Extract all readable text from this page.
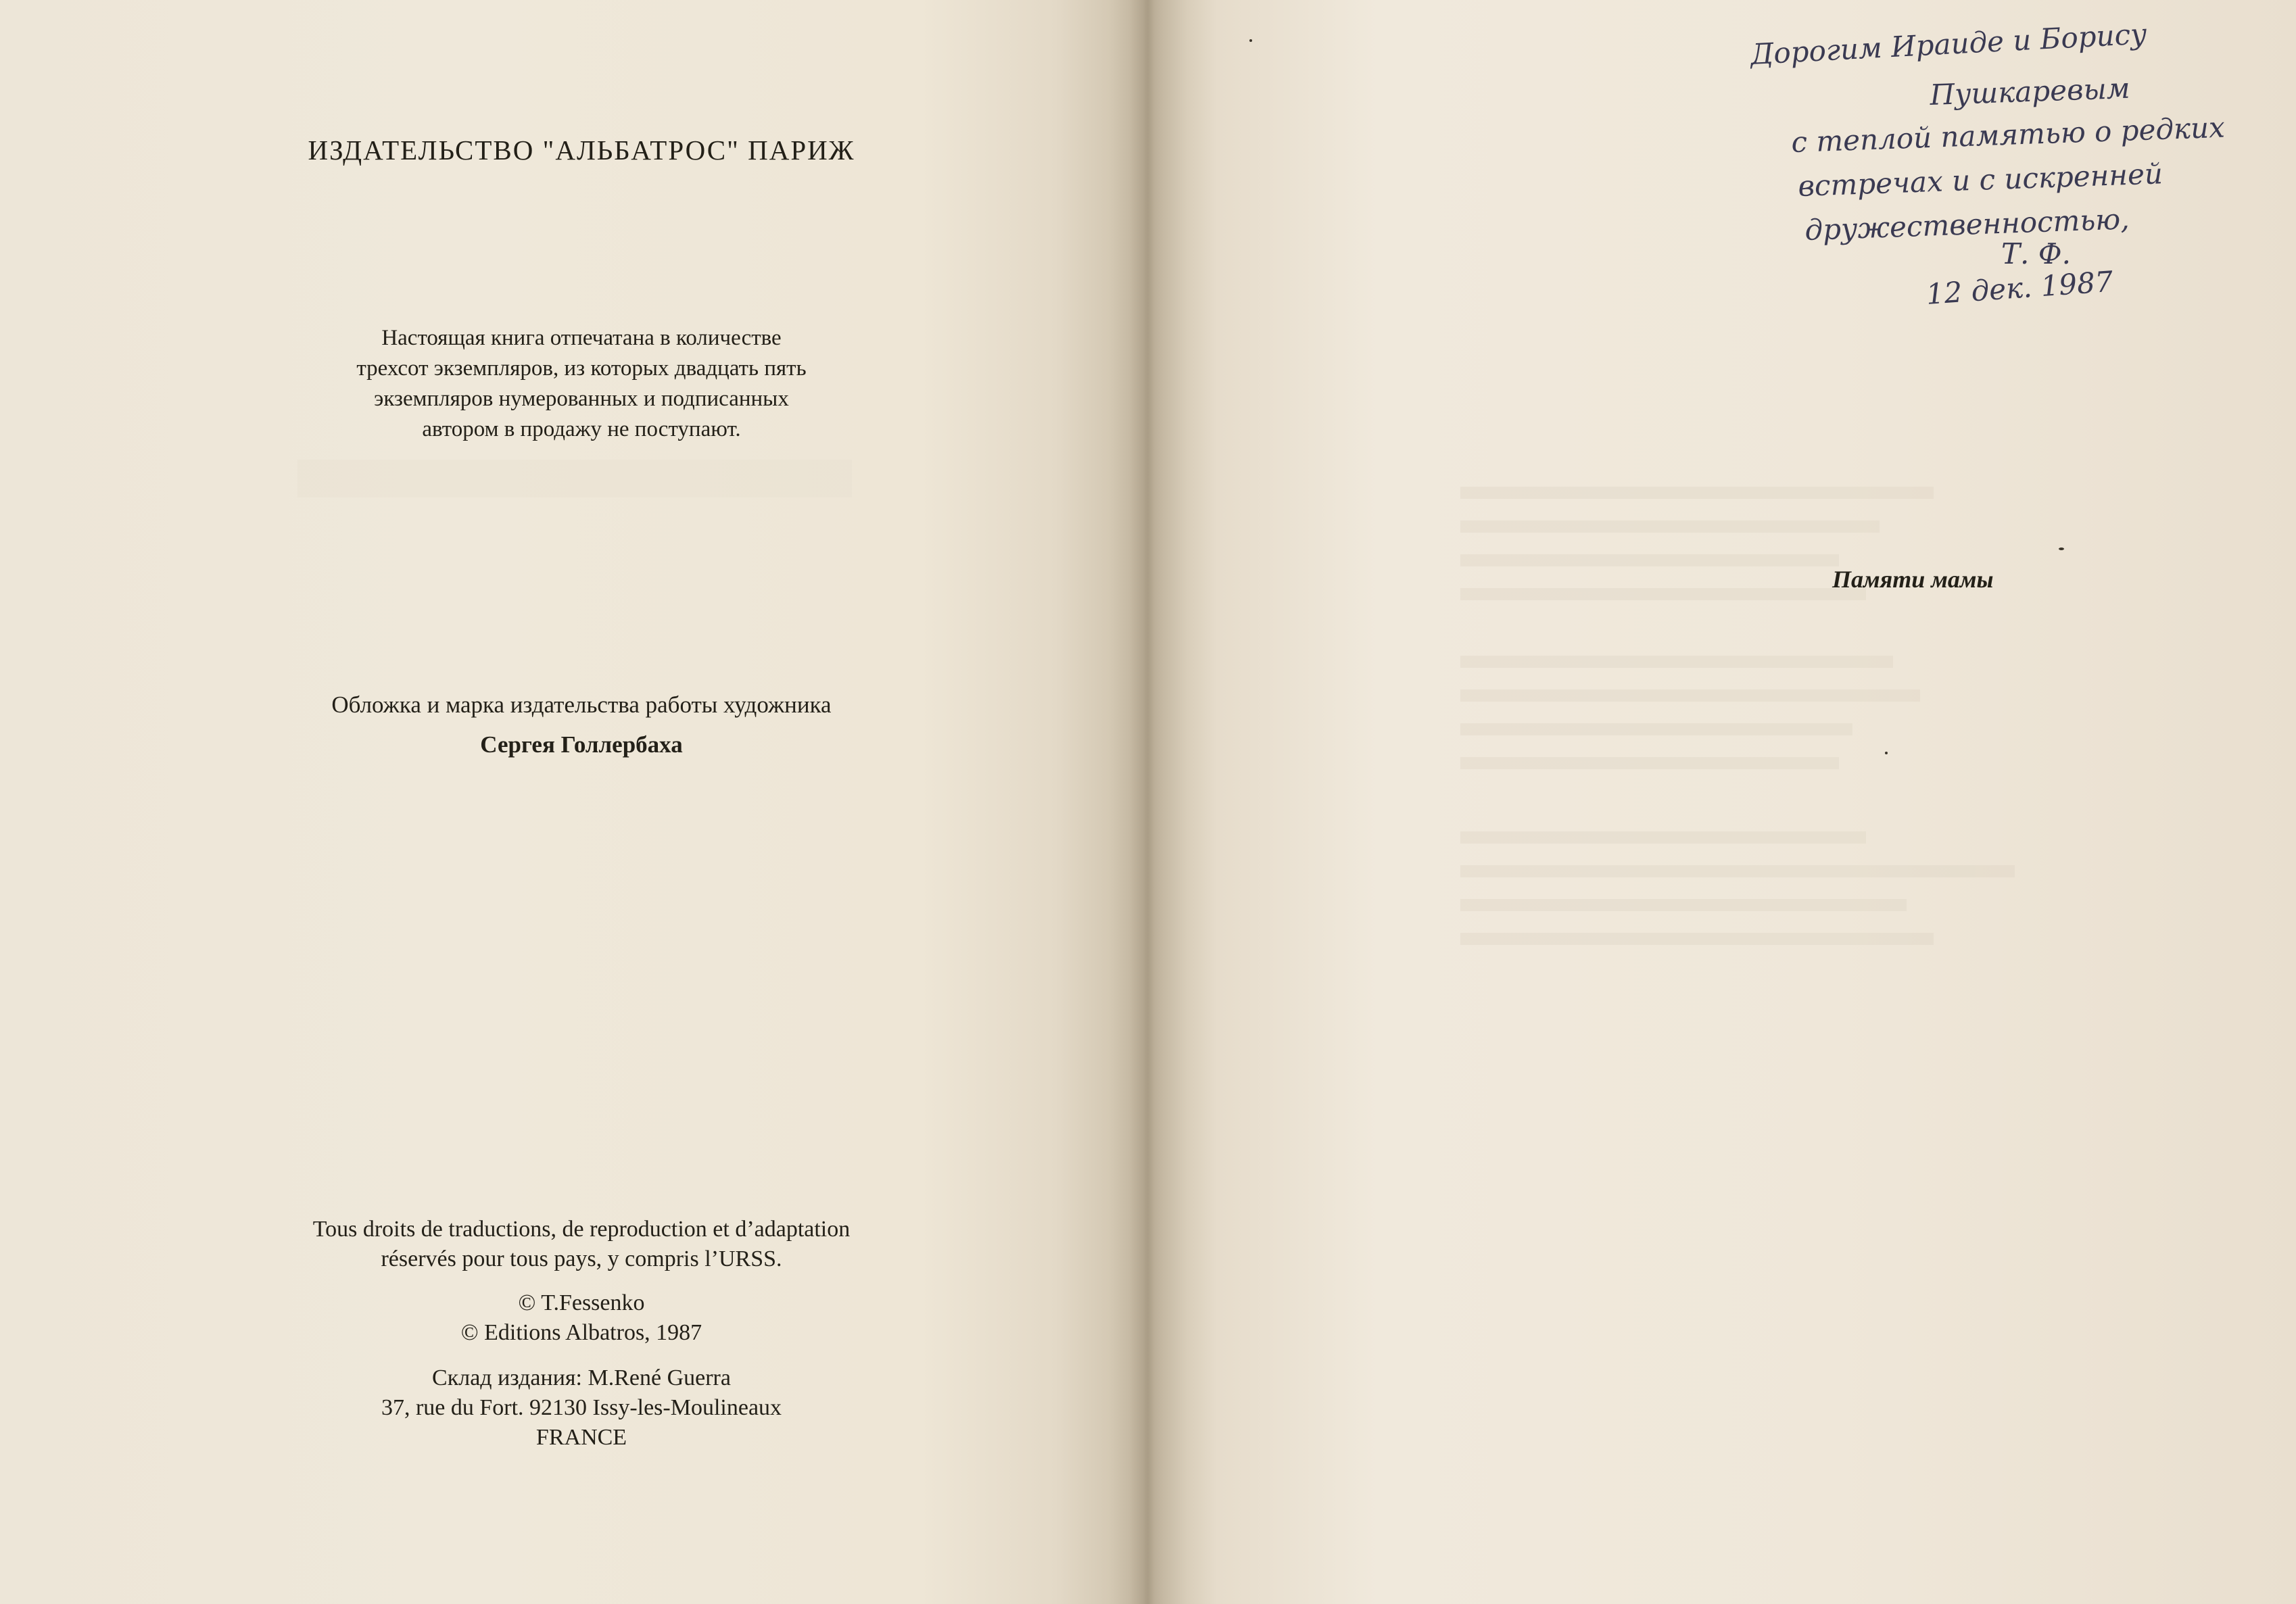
ИЗДАТЕЛЬСТВО "АЛЬБАТРОС" ПАРИЖ
Настоящая книга отпечатана в количестве
трехсот экземпляров, из которых двадцать пять
экземпляров нумерованных и подписанных
автором в продажу не поступают.
Обложка и марка издательства работы художника
Сергея Голлербаха
Tous droits de traductions, de reproduction et d’adaptation
réservés pour tous pays, y compris l’URSS.
© T.Fessenko
© Editions Albatros, 1987
Склад издания: M.René Guerra
37, rue du Fort. 92130 Issy-les-Moulineaux
FRANCE
Дорогим Ираиде и Борису
Пушкаревым
с теплой памятью о редких
встречах и с искренней
дружественностью,
Т. Ф.
12 дек. 1987
Памяти мамы
